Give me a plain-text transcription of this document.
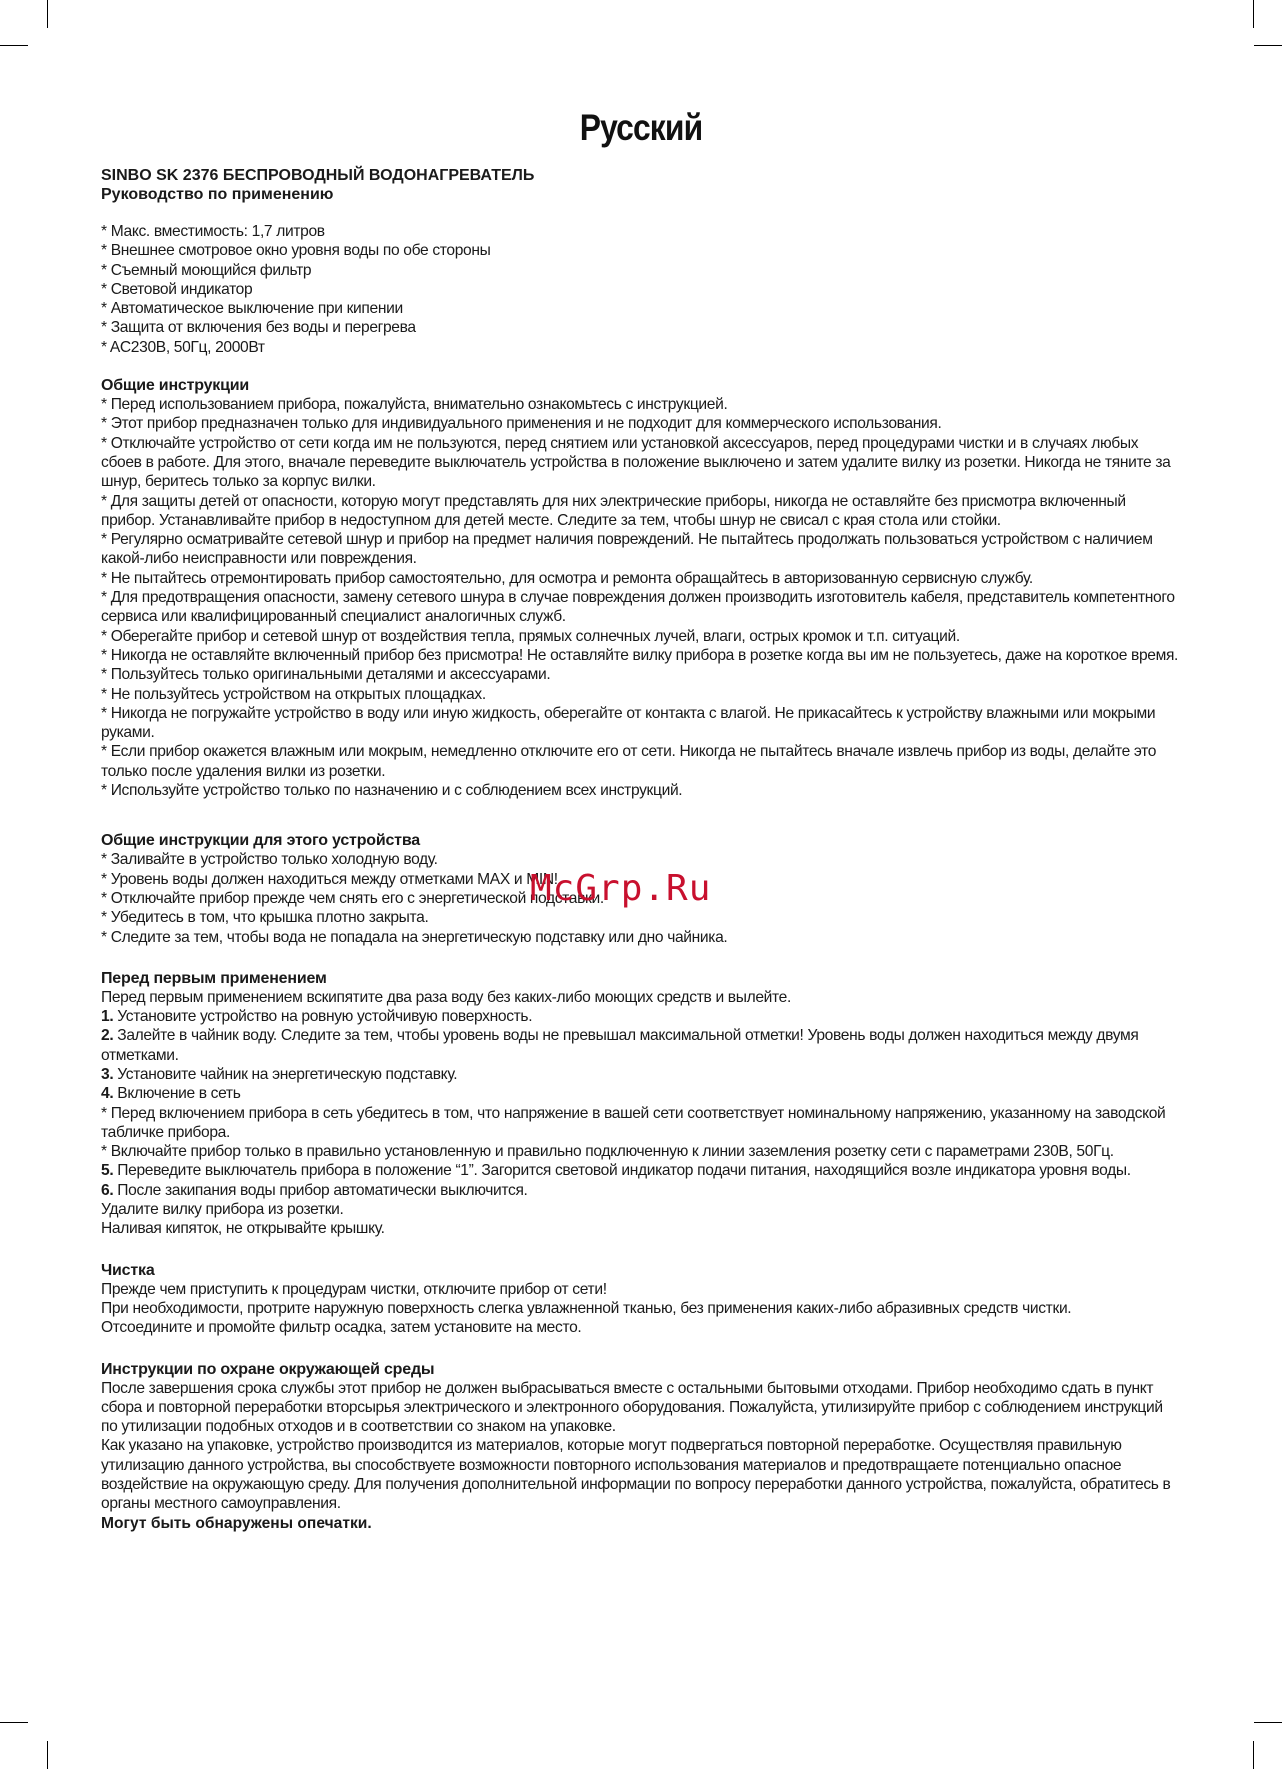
Русский
SINBO SK 2376 БЕСПРОВОДНЫЙ ВОДОНАГРЕВАТЕЛЬ
Руководство по применению

* Макс. вместимость: 1,7 литров

* Внешнее смотровое окно уровня воды по обе стороны

* Съемный моющийся фильтр

* Световой индикатор

* Автоматическое выключение при кипении

* Защита от включения без воды и перегрева

* AC230В, 50Гц, 2000Вт

Общие инструкции

* Перед использованием прибора, пожалуйста, внимательно ознакомьтесь с инструкцией.

* Этот прибор предназначен только для индивидуального применения и не подходит для коммерческого использования.

* Отключайте устройство от сети когда им не пользуются, перед снятием или установкой аксессуаров, перед процедурами чистки и в случаях любых сбоев в работе. Для этого, вначале переведите выключатель устройства в положение выключено и затем удалите вилку из розетки. Никогда не тяните за шнур, беритесь только за корпус вилки.

* Для защиты детей от опасности, которую могут представлять для них электрические приборы, никогда не оставляйте без присмотра включенный прибор. Устанавливайте прибор в недоступном для детей месте. Следите за тем, чтобы шнур не свисал с края стола или стойки.

* Регулярно осматривайте сетевой шнур и прибор на предмет наличия повреждений. Не пытайтесь продолжать пользоваться устройством с наличием какой-либо неисправности или повреждения.

* Не пытайтесь отремонтировать прибор самостоятельно, для осмотра и ремонта обращайтесь в авторизованную сервисную службу.

* Для предотвращения опасности, замену сетевого шнура в случае повреждения должен производить изготовитель кабеля, представитель компетентного сервиса или квалифицированный специалист аналогичных служб.

* Оберегайте прибор и сетевой шнур от воздействия тепла, прямых солнечных лучей, влаги, острых кромок и т.п. ситуаций.

* Никогда не оставляйте включенный прибор без присмотра! Не оставляйте вилку прибора в розетке когда вы им не пользуетесь, даже на короткое время.

* Пользуйтесь только оригинальными деталями и аксессуарами.

* Не пользуйтесь устройством на открытых площадках.

* Никогда не погружайте устройство в воду или иную жидкость, оберегайте от контакта с влагой. Не прикасайтесь к устройству влажными или мокрыми руками.

* Если прибор окажется влажным или мокрым, немедленно отключите его от сети. Никогда не пытайтесь вначале извлечь прибор из воды, делайте это только после удаления вилки из розетки.

* Используйте устройство только по назначению и с соблюдением всех инструкций.

Общие инструкции для этого устройства

* Заливайте в устройство только холодную воду.

* Уровень воды должен находиться между отметками MAX и MIN!

* Отключайте прибор прежде чем снять его с энергетической подставки.

* Убедитесь в том, что крышка плотно закрыта.

* Следите за тем, чтобы вода не попадала на энергетическую подставку или дно чайника.

Перед первым применением

Перед первым применением вскипятите два раза воду без каких-либо моющих средств и вылейте.

1. Установите устройство на ровную устойчивую поверхность.

2. Залейте в чайник воду. Следите за тем, чтобы уровень воды не превышал максимальной отметки! Уровень воды должен находиться между двумя отметками.

3. Установите чайник на энергетическую подставку.

4. Включение в сеть

* Перед включением прибора в сеть убедитесь в том, что напряжение в вашей сети соответствует номинальному напряжению, указанному на заводской табличке прибора.

* Включайте прибор только в правильно установленную и правильно подключенную к линии заземления розетку сети с параметрами 230В, 50Гц.

5. Переведите выключатель прибора в положение “1”. Загорится световой индикатор подачи питания, находящийся возле индикатора уровня воды.

6. После закипания воды прибор автоматически выключится.

Удалите вилку прибора из розетки.

Наливая кипяток, не открывайте крышку.

Чистка

Прежде чем приступить к процедурам чистки, отключите прибор от сети!

При необходимости, протрите наружную поверхность слегка увлажненной тканью, без применения каких-либо абразивных средств чистки.

Отсоедините и промойте фильтр осадка, затем установите на место.

Инструкции по охране окружающей среды

После завершения срока службы этот прибор не должен выбрасываться вместе с остальными бытовыми отходами. Прибор необходимо сдать в пункт сбора и повторной переработки вторсырья электрического и электронного оборудования. Пожалуйста, утилизируйте прибор с соблюдением инструкций по утилизации подобных отходов и в соответствии со знаком на упаковке.

Как указано на упаковке, устройство производится из материалов, которые могут подвергаться повторной переработке. Осуществляя правильную утилизацию данного устройства, вы способствуете возможности повторного использования материалов и предотвращаете потенциально опасное воздействие на окружающую среду. Для получения дополнительной информации по вопросу переработки данного устройства, пожалуйста, обратитесь в органы местного самоуправления.

Могут быть обнаружены опечатки.

McGrp.Ru
